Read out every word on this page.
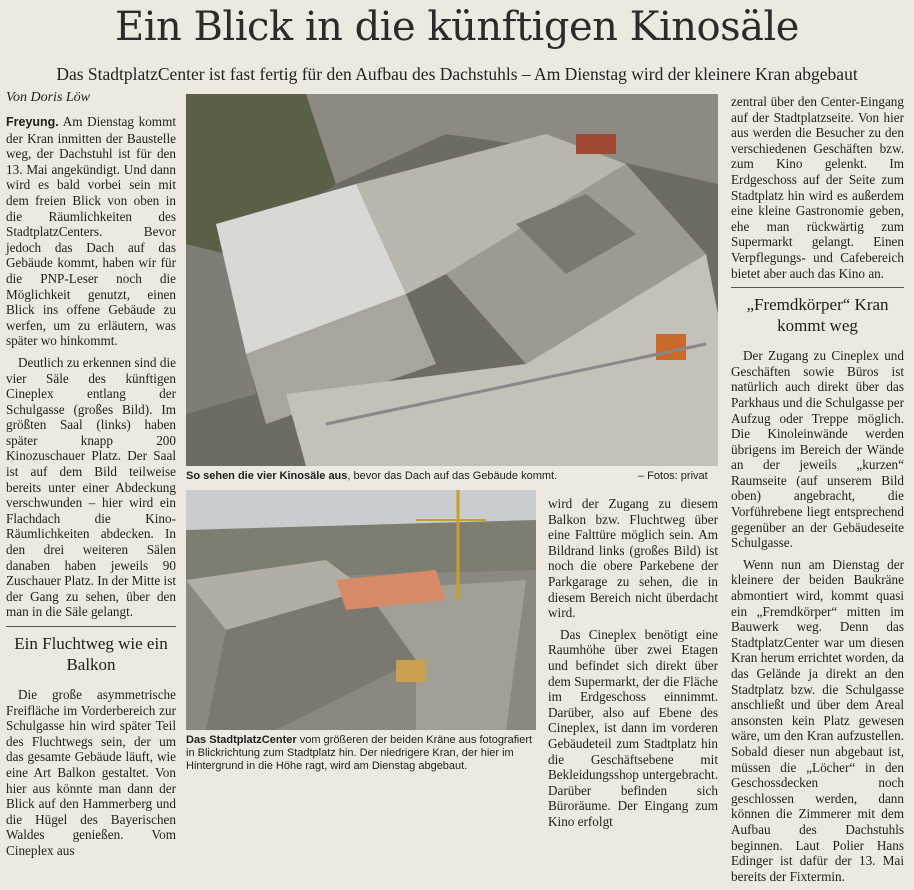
Ein Blick in die künftigen Kinosäle

Das StadtplatzCenter ist fast fertig für den Aufbau des Dachstuhls – Am Dienstag wird der kleinere Kran abgebaut

Von Doris Löw

Freyung. Am Dienstag kommt der Kran inmitten der Baustelle weg, der Dachstuhl ist für den 13. Mai angekündigt. Und dann wird es bald vorbei sein mit dem freien Blick von oben in die Räumlichkeiten des StadtplatzCenters. Bevor jedoch das Dach auf das Gebäude kommt, haben wir für die PNP-Leser noch die Möglichkeit genutzt, einen Blick ins offene Gebäude zu werfen, um zu erläutern, was später wo hinkommt.

Deutlich zu erkennen sind die vier Säle des künftigen Cineplex entlang der Schulgasse (großes Bild). Im größten Saal (links) haben später knapp 200 Kinozuschauer Platz. Der Saal ist auf dem Bild teilweise bereits unter einer Abdeckung verschwunden – hier wird ein Flachdach die Kino-Räumlichkeiten abdecken. In den drei weiteren Sälen danaben haben jeweils 90 Zuschauer Platz. In der Mitte ist der Gang zu sehen, über den man in die Säle gelangt.

Ein Fluchtweg wie ein Balkon

Die große asymmetrische Freifläche im Vorderbereich zur Schulgasse hin wird später Teil des Fluchtwegs sein, der um das gesamte Gebäude läuft, wie eine Art Balkon gestaltet. Von hier aus könnte man dann der Blick auf den Hammerberg und die Hügel des Bayerischen Waldes genießen. Vom Cineplex aus

So sehen die vier Kinosäle aus, bevor das Dach auf das Gebäude kommt.	– Fotos: privat
Das StadtplatzCenter vom größeren der beiden Kräne aus fotografiert in Blickrichtung zum Stadtplatz hin. Der niedrigere Kran, der hier im Hintergrund in die Höhe ragt, wird am Dienstag abgebaut.

wird der Zugang zu diesem Balkon bzw. Fluchtweg über eine Falttüre möglich sein. Am Bildrand links (großes Bild) ist noch die obere Parkebene der Parkgarage zu sehen, die in diesem Bereich nicht überdacht wird.

Das Cineplex benötigt eine Raumhöhe über zwei Etagen und befindet sich direkt über dem Supermarkt, der die Fläche im Erdgeschoss einnimmt. Darüber, also auf Ebene des Cineplex, ist dann im vorderen Gebäudeteil zum Stadtplatz hin die Geschäftsebene mit Bekleidungsshop untergebracht. Darüber befinden sich Büroräume. Der Eingang zum Kino erfolgt

zentral über den Center-Eingang auf der Stadtplatzseite. Von hier aus werden die Besucher zu den verschiedenen Geschäften bzw. zum Kino gelenkt. Im Erdgeschoss auf der Seite zum Stadtplatz hin wird es außerdem eine kleine Gastronomie geben, ehe man rückwärtig zum Supermarkt gelangt. Einen Verpflegungs- und Cafebereich bietet aber auch das Kino an.

„Fremdkörper“ Kran kommt weg

Der Zugang zu Cineplex und Geschäften sowie Büros ist natürlich auch direkt über das Parkhaus und die Schulgasse per Aufzug oder Treppe möglich. Die Kinoleinwände werden übrigens im Bereich der Wände an der jeweils „kurzen“ Raumseite (auf unserem Bild oben) angebracht, die Vorführebene liegt entsprechend gegenüber an der Gebäudeseite Schulgasse.

Wenn nun am Dienstag der kleinere der beiden Baukräne abmontiert wird, kommt quasi ein „Fremdkörper“ mitten im Bauwerk weg. Denn das StadtplatzCenter war um diesen Kran herum errichtet worden, da das Gelände ja direkt an den Stadtplatz bzw. die Schulgasse anschließt und über dem Areal ansonsten kein Platz gewesen wäre, um den Kran aufzustellen. Sobald dieser nun abgebaut ist, müssen die „Löcher“ in den Geschossdecken noch geschlossen werden, dann können die Zimmerer mit dem Aufbau des Dachstuhls beginnen. Laut Polier Hans Edinger ist dafür der 13. Mai bereits der Fixtermin.
